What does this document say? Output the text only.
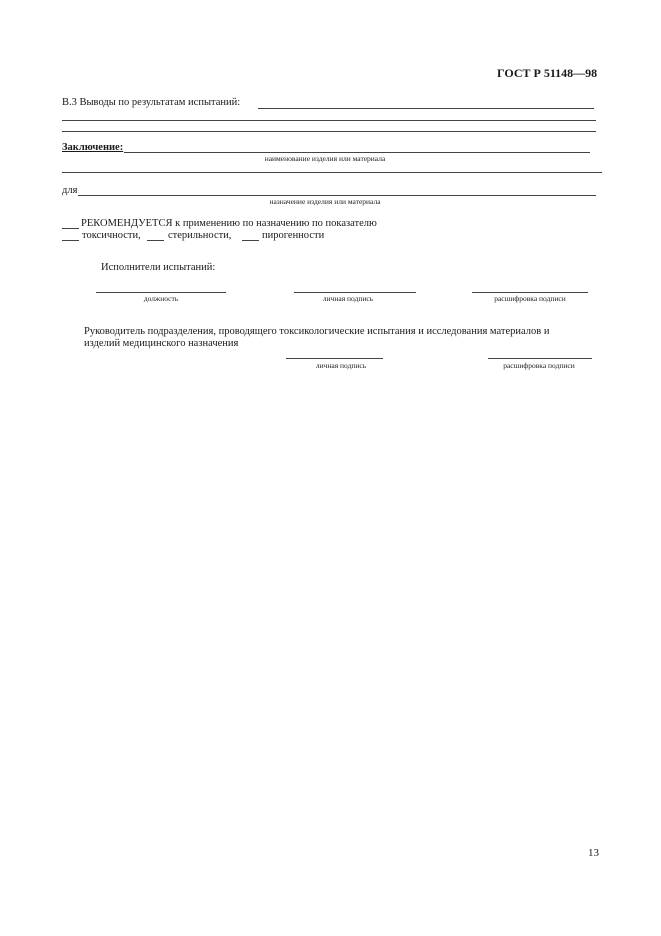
ГОСТ Р 51148—98
В.3 Выводы по результатам испытаний:
Заключение:
наименование изделия или материала
для
назначение изделия или материала
РЕКОМЕНДУЕТСЯ к применению по назначению по показателю
токсичности,	стерильности,	пирогенности
Исполнители испытаний:
должность	личная подпись	расшифровка подписи
Руководитель подразделения, проводящего токсикологические испытания и исследования материалов и
изделий медицинского назначения
личная подпись	расшифровка подписи
13
